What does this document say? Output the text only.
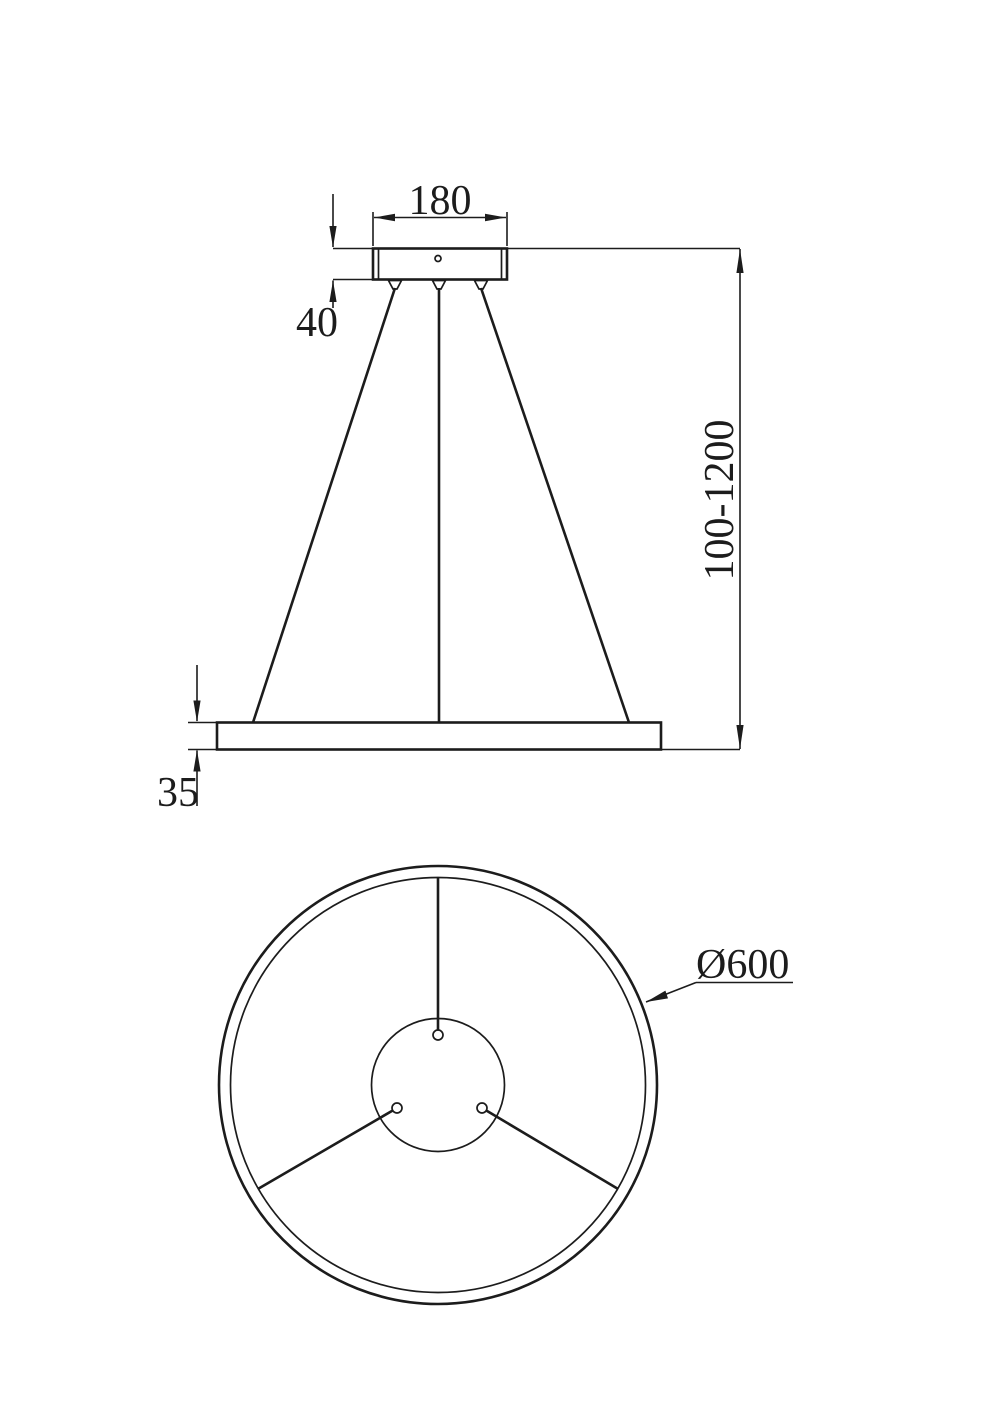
180
40
100-1200
35
Ø600
